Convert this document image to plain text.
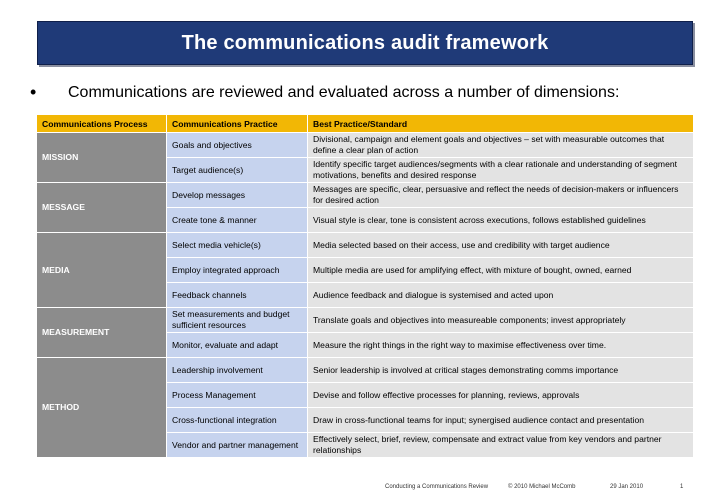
The communications audit framework
• Communications are reviewed and evaluated across a number of dimensions:
Communications Process	Communications Practice	Best Practice/Standard
MISSION	Goals and objectives	Divisional, campaign and element goals and objectives – set with measurable outcomes that define a clear plan of action
	Target audience(s)	Identify specific target audiences/segments with a clear rationale and understanding of segment motivations, benefits and desired response
MESSAGE	Develop messages	Messages are specific, clear, persuasive and reflect the needs of decision-makers or influencers for desired action
	Create tone & manner	Visual style is clear, tone is consistent across executions, follows established guidelines
MEDIA	Select media vehicle(s)	Media selected based on their access, use and credibility with target audience
	Employ integrated approach	Multiple media are used for amplifying effect, with mixture of bought, owned, earned
	Feedback channels	Audience feedback and dialogue is systemised and acted upon
MEASUREMENT	Set measurements and budget sufficient resources	Translate goals and objectives into measureable components; invest appropriately
	Monitor, evaluate and adapt	Measure the right things in the right way to maximise effectiveness over time.
METHOD	Leadership involvement	Senior leadership is involved at critical stages demonstrating comms importance
	Process Management	Devise and follow effective processes for planning, reviews, approvals
	Cross-functional integration	Draw in cross-functional teams for input; synergised audience contact and presentation
	Vendor and partner management	Effectively select, brief, review, compensate and extract value from key vendors and partner relationships
Conducting a Communications Review	© 2010 Michael McComb	29 Jan 2010	1
